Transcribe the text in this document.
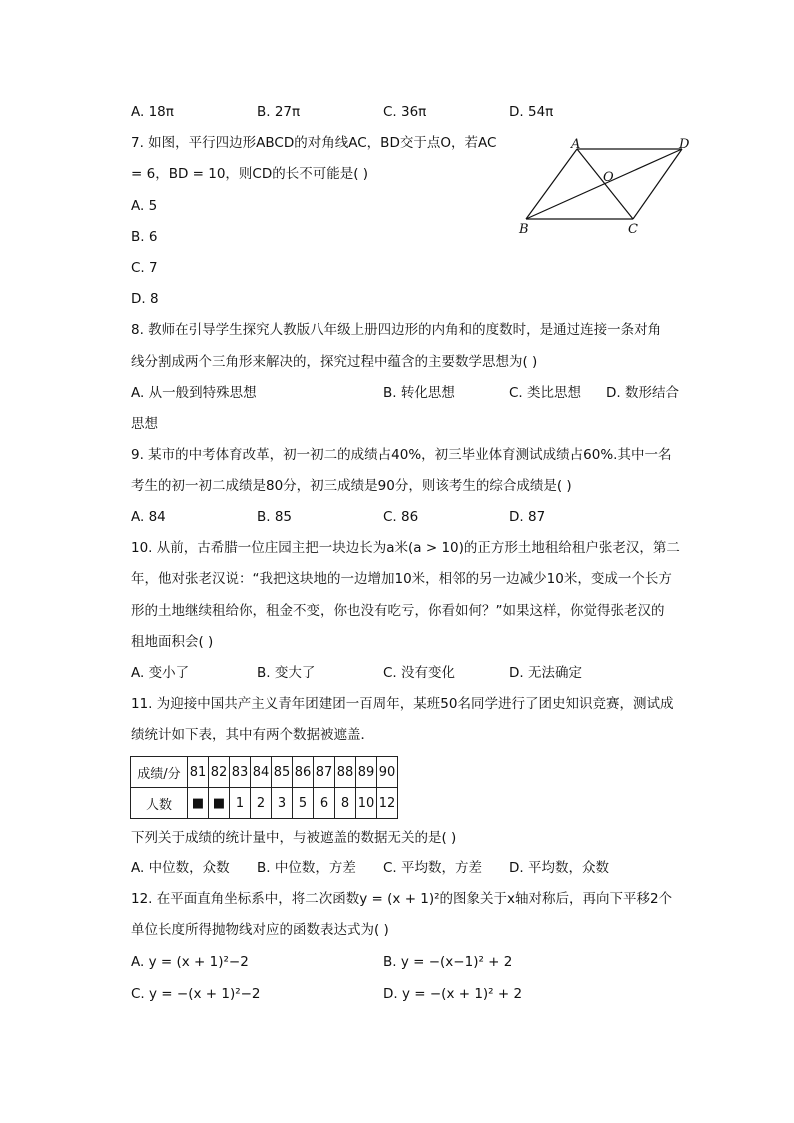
A. 18π	B. 27π	C. 36π	D. 54π
7. 如图，平行四边形ABCD的对角线AC，BD交于点O，若AC
= 6，BD = 10，则CD的长不可能是( )
A. 5
B. 6
C. 7
D. 8
A	D
O
B	C
8. 教师在引导学生探究人教版八年级上册四边形的内角和的度数时，是通过连接一条对角
线分割成两个三角形来解决的，探究过程中蕴含的主要数学思想为( )
A. 从一般到特殊思想	B. 转化思想	C. 类比思想 D. 数形结合
思想
9. 某市的中考体育改革，初一初二的成绩占40%，初三毕业体育测试成绩占60%.其中一名
考生的初一初二成绩是80分，初三成绩是90分，则该考生的综合成绩是( )
A. 84	B. 85	C. 86	D. 87
10. 从前，古希腊一位庄园主把一块边长为a米(a > 10)的正方形土地租给租户张老汉，第二
年，他对张老汉说：“我把这块地的一边增加10米，相邻的另一边减少10米，变成一个长方
形的土地继续租给你，租金不变，你也没有吃亏，你看如何？”如果这样，你觉得张老汉的
租地面积会( )
A. 变小了	B. 变大了	C. 没有变化	D. 无法确定
11. 为迎接中国共产主义青年团建团一百周年，某班50名同学进行了团史知识竞赛，测试成
绩统计如下表，其中有两个数据被遮盖．
成绩/分	81	82	83	84	85	86	87	88	89	90
人数	■	■	1	2	3	5	6	8	10	12
下列关于成绩的统计量中，与被遮盖的数据无关的是( )
A. 中位数，众数 B. 中位数，方差 C. 平均数，方差 D. 平均数，众数
12. 在平面直角坐标系中，将二次函数y = (x + 1)²的图象关于x轴对称后，再向下平移2个
单位长度所得抛物线对应的函数表达式为( )
A. y = (x + 1)²−2	B. y = −(x−1)² + 2
C. y = −(x + 1)²−2	D. y = −(x + 1)² + 2
